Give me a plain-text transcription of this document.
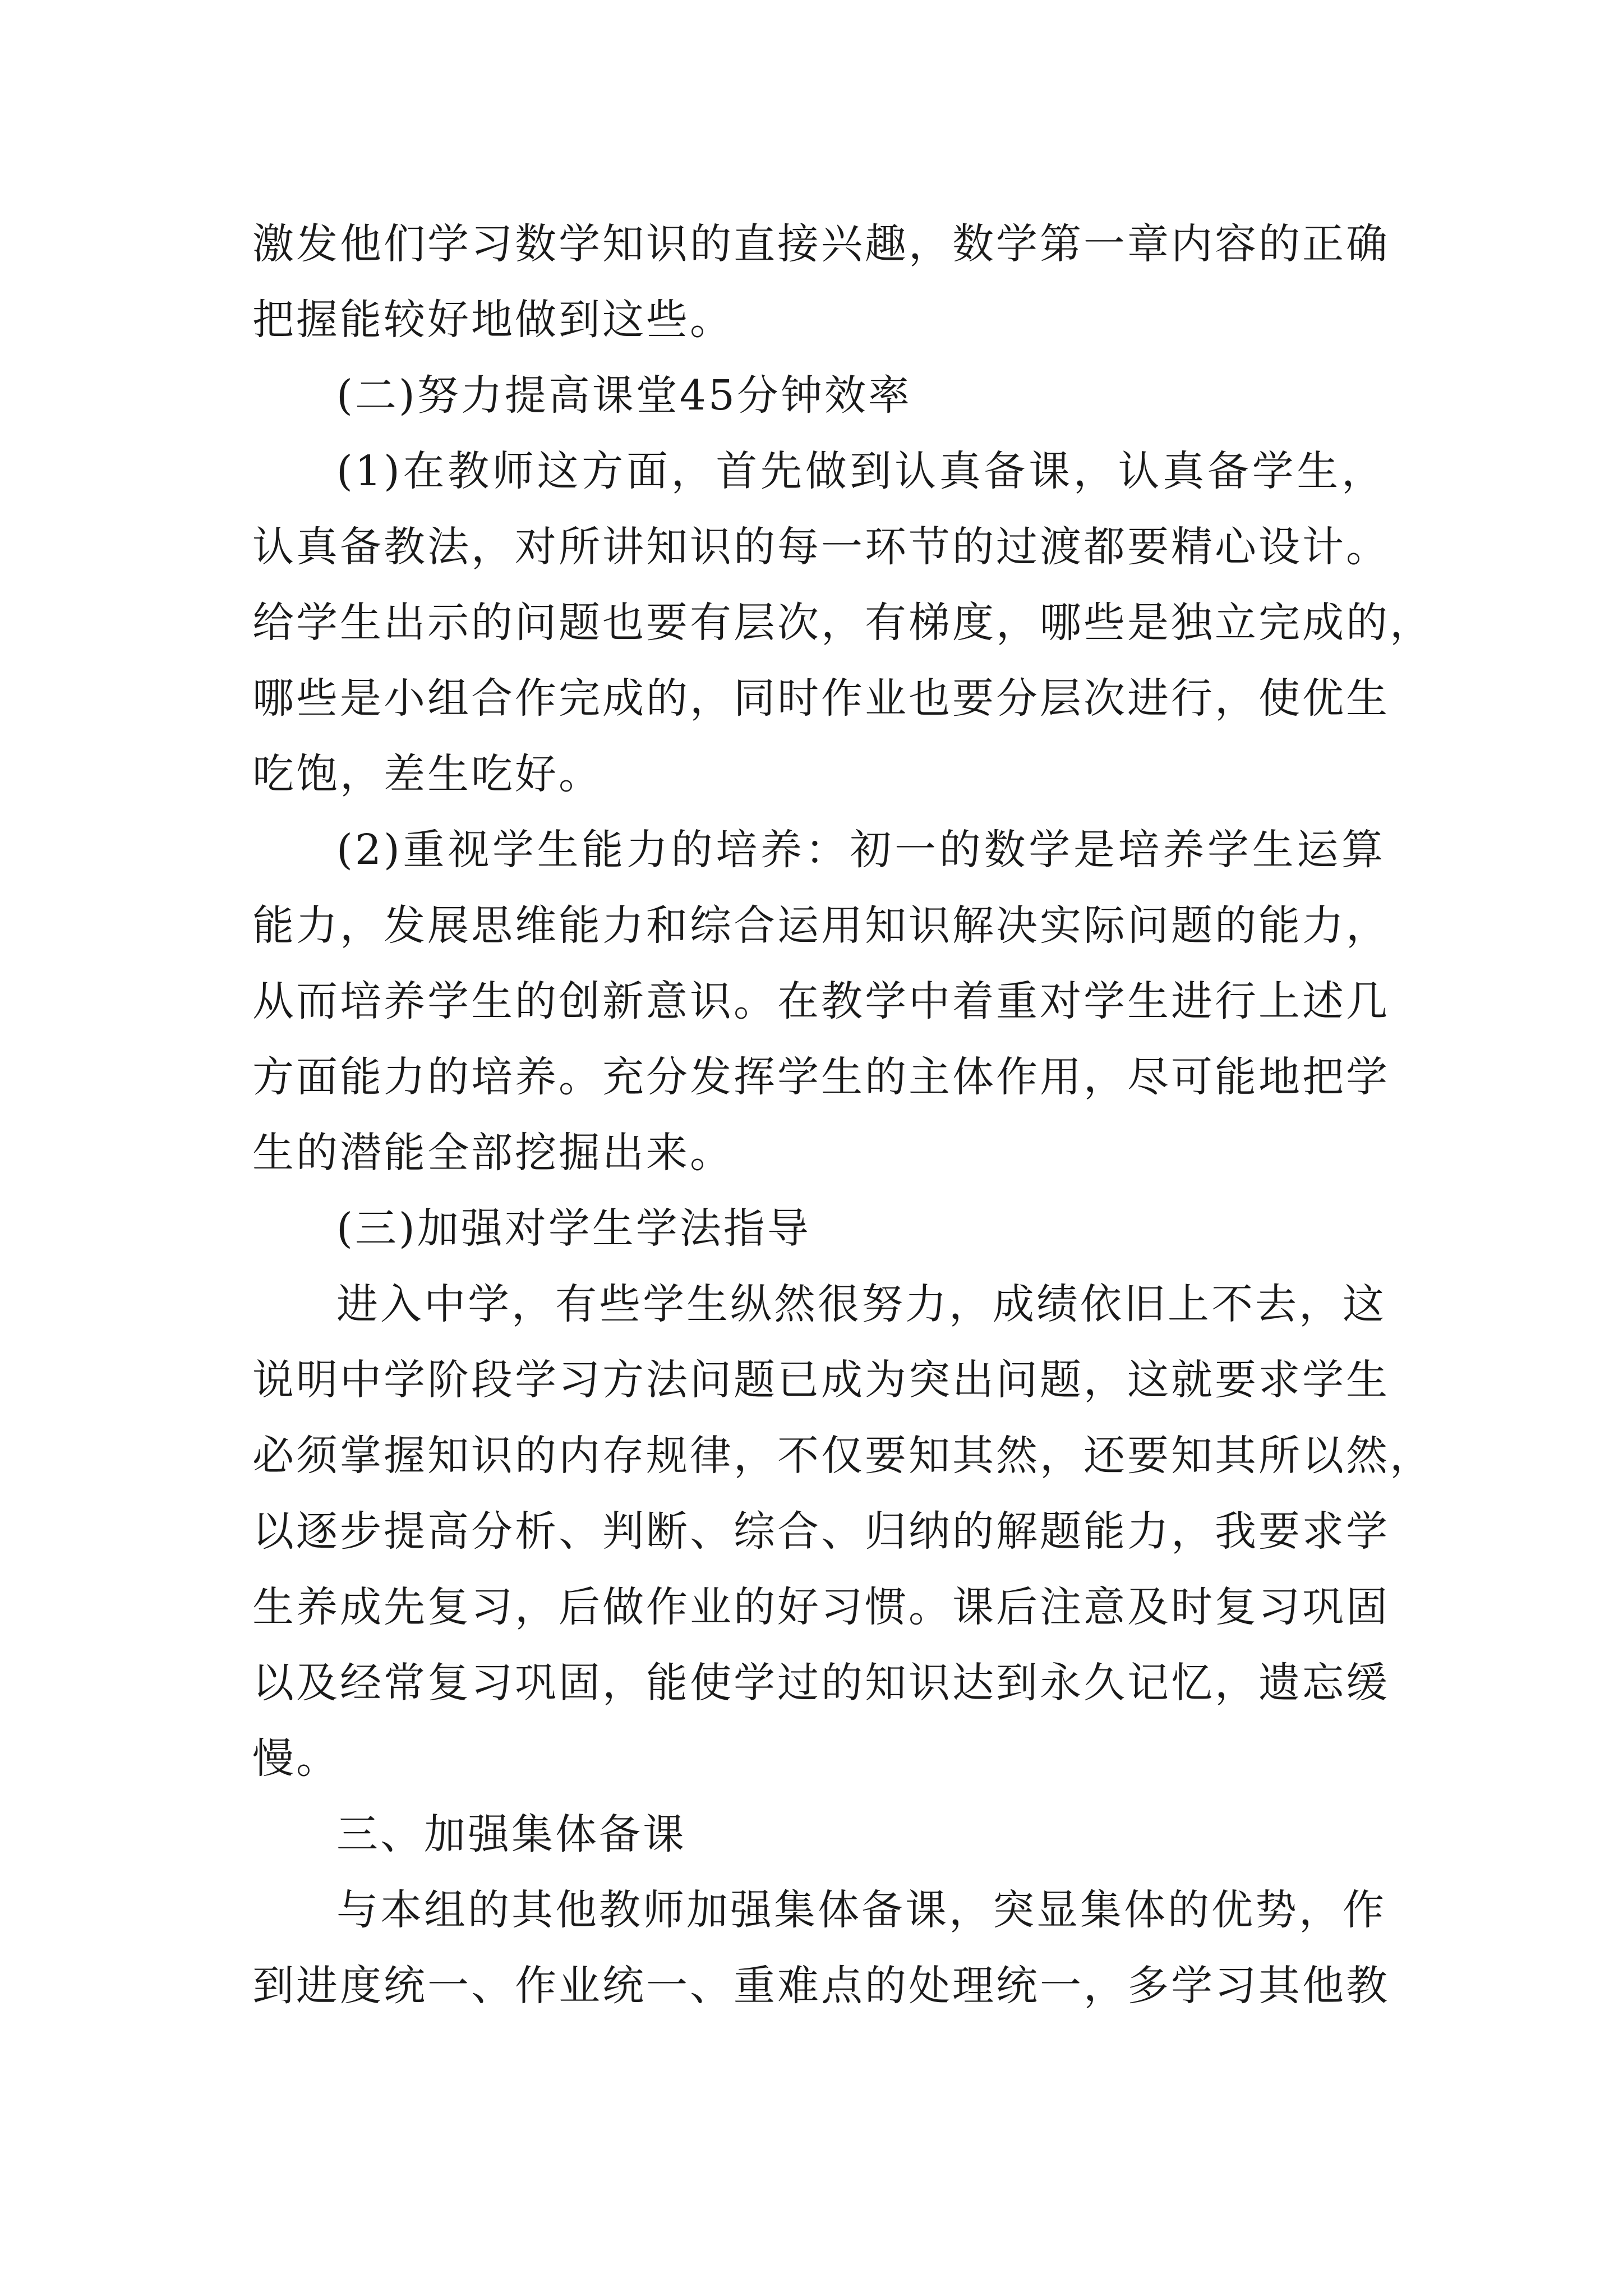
激发他们学习数学知识的直接兴趣，数学第一章内容的正确
把握能较好地做到这些。
(二)努力提高课堂45分钟效率
(1)在教师这方面，首先做到认真备课，认真备学生，
认真备教法，对所讲知识的每一环节的过渡都要精心设计。
给学生出示的问题也要有层次，有梯度，哪些是独立完成的，
哪些是小组合作完成的，同时作业也要分层次进行，使优生
吃饱，差生吃好。
(2)重视学生能力的培养：初一的数学是培养学生运算
能力，发展思维能力和综合运用知识解决实际问题的能力，
从而培养学生的创新意识。在教学中着重对学生进行上述几
方面能力的培养。充分发挥学生的主体作用，尽可能地把学
生的潜能全部挖掘出来。
(三)加强对学生学法指导
进入中学，有些学生纵然很努力，成绩依旧上不去，这
说明中学阶段学习方法问题已成为突出问题，这就要求学生
必须掌握知识的内存规律，不仅要知其然，还要知其所以然，
以逐步提高分析、判断、综合、归纳的解题能力，我要求学
生养成先复习，后做作业的好习惯。课后注意及时复习巩固
以及经常复习巩固，能使学过的知识达到永久记忆，遗忘缓
慢。
三、加强集体备课
与本组的其他教师加强集体备课，突显集体的优势，作
到进度统一、作业统一、重难点的处理统一，多学习其他教
